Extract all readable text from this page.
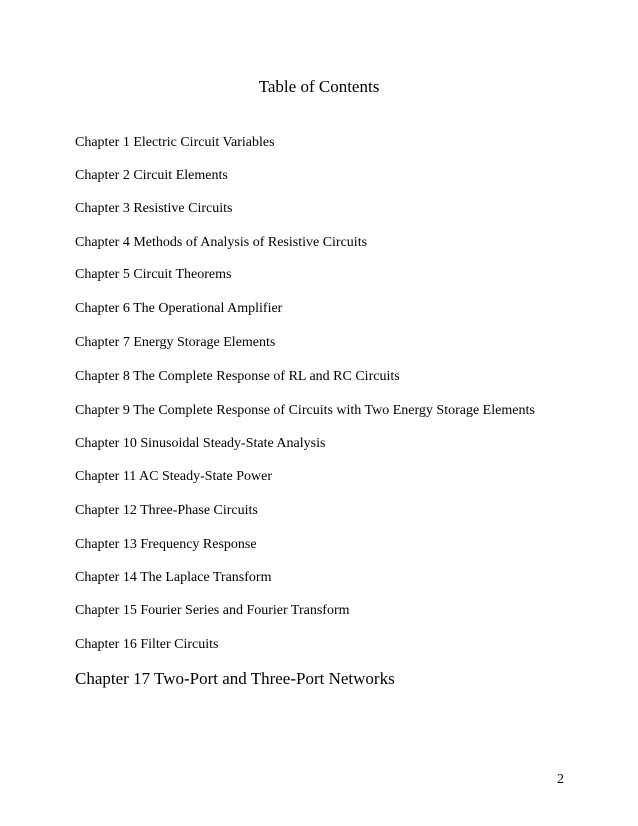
Table of Contents
Chapter 1 Electric Circuit Variables
Chapter 2 Circuit Elements
Chapter 3 Resistive Circuits
Chapter 4 Methods of Analysis of Resistive Circuits
Chapter 5 Circuit Theorems
Chapter 6 The Operational Amplifier
Chapter 7 Energy Storage Elements
Chapter 8 The Complete Response of RL and RC Circuits
Chapter 9 The Complete Response of Circuits with Two Energy Storage Elements
Chapter 10 Sinusoidal Steady-State Analysis
Chapter 11 AC Steady-State Power
Chapter 12 Three-Phase Circuits
Chapter 13 Frequency Response
Chapter 14 The Laplace Transform
Chapter 15 Fourier Series and Fourier Transform
Chapter 16 Filter Circuits
Chapter 17 Two-Port and Three-Port Networks
2
